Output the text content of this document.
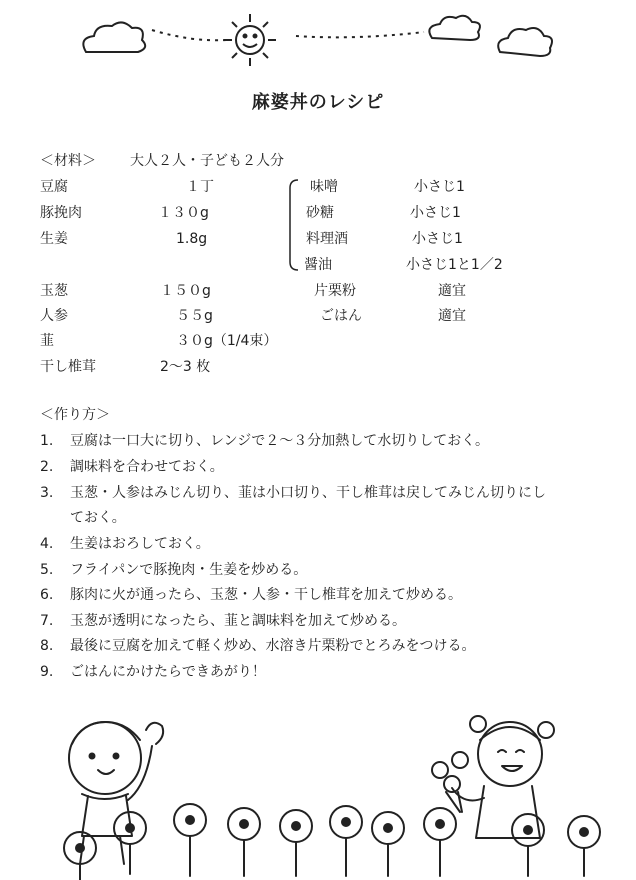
麻婆丼のレシピ
＜材料＞ 大人２人・子ども２人分
豆腐	１丁
豚挽肉	１３０g
生姜	1.8g
玉葱	１５０g
人参	５５g
韮	３０g（1/4束）
干し椎茸	2～3 枚
味噌	小さじ1
砂糖	小さじ1
料理酒	小さじ1
醤油	小さじ1と1／2
片栗粉	適宜
ごはん	適宜
＜作り方＞
1. 豆腐は一口大に切り、レンジで２～３分加熱して水切りしておく。
2. 調味料を合わせておく。
3. 玉葱・人参はみじん切り、韮は小口切り、干し椎茸は戻してみじん切りにし
ておく。
4. 生姜はおろしておく。
5. フライパンで豚挽肉・生姜を炒める。
6. 豚肉に火が通ったら、玉葱・人参・干し椎茸を加えて炒める。
7. 玉葱が透明になったら、韮と調味料を加えて炒める。
8. 最後に豆腐を加えて軽く炒め、水溶き片栗粉でとろみをつける。
9. ごはんにかけたらできあがり！
